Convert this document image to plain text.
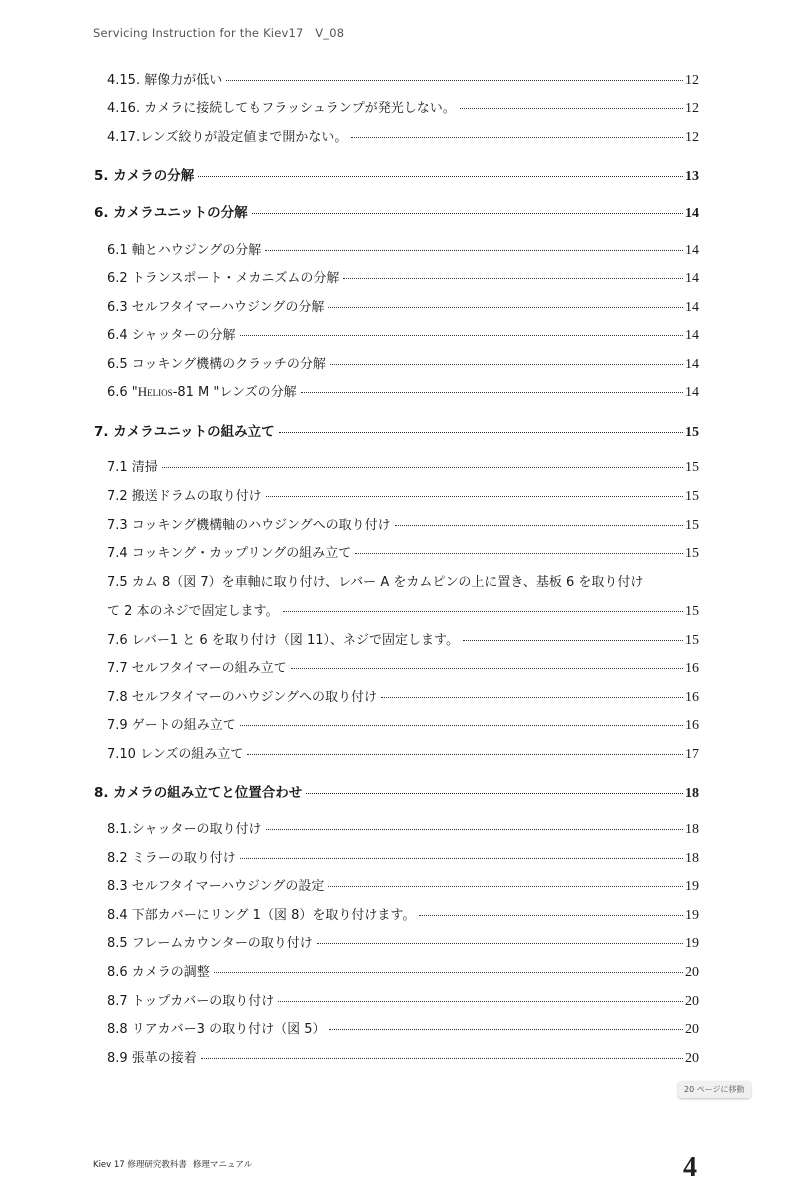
Servicing Instruction for the Kiev17　V_08
4.15. 解像力が低い	12
4.16. カメラに接続してもフラッシュランプが発光しない。	12
4.17.レンズ絞りが設定値まで開かない。	12
5. カメラの分解	13
6. カメラユニットの分解	14
6.1 軸とハウジングの分解	14
6.2 トランスポート・メカニズムの分解	14
6.3 セルフタイマーハウジングの分解	14
6.4 シャッターの分解	14
6.5 コッキング機構のクラッチの分解	14
6.6 "Helios-81 M "レンズの分解	14
7. カメラユニットの組み立て	15
7.1 清掃	15
7.2 搬送ドラムの取り付け	15
7.3 コッキング機構軸のハウジングへの取り付け	15
7.4 コッキング・カップリングの組み立て	15
7.5 カム 8（図 7）を車軸に取り付け、レバー A をカムピンの上に置き、基板 6 を取り付け
て 2 本のネジで固定します。	15
7.6 レバー1 と 6 を取り付け（図 11）、ネジで固定します。	15
7.7 セルフタイマーの組み立て	16
7.8 セルフタイマーのハウジングへの取り付け	16
7.9 ゲートの組み立て	16
7.10 レンズの組み立て	17
8. カメラの組み立てと位置合わせ	18
8.1.シャッターの取り付け	18
8.2 ミラーの取り付け	18
8.3 セルフタイマーハウジングの設定	19
8.4 下部カバーにリング 1（図 8）を取り付けます。	19
8.5 フレームカウンターの取り付け	19
8.6 カメラの調整	20
8.7 トップカバーの取り付け	20
8.8 リアカバー3 の取り付け（図 5）	20
8.9 張革の接着	20
20 ページに移動
Kiev 17 修理研究教科書 修理マニュアル	4
